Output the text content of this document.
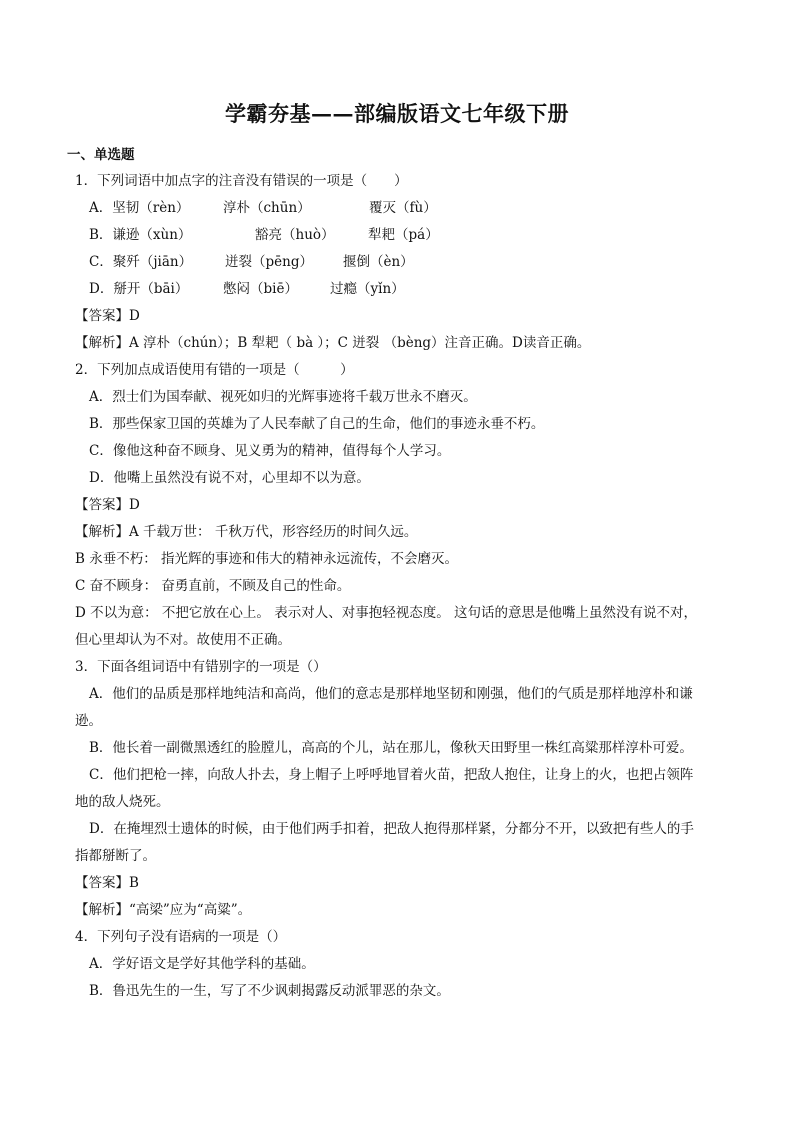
学霸夯基——部编版语文七年级下册
一、单选题
1．下列词语中加点字的注音没有错误的一项是（　　）
A．坚韧（rèn） 淳朴（chūn）	覆灭（fù）
B．谦逊（xùn）	豁亮（huò） 犁耙（pá）
C．聚歼（jiān） 迸裂（pēng） 揠倒（èn）
D．掰开（bāi）	憋闷（biē） 过瘾（yǐn）
【答案】D
【解析】A 淳朴（chún）；B 犁耙（ bà ）；C 迸裂 （bèng）注音正确。D读音正确。
2．下列加点成语使用有错的一项是（　　　）
A．烈士们为国奉献、视死如归的光辉事迹将千载万世永不磨灭。
B．那些保家卫国的英雄为了人民奉献了自己的生命，他们的事迹永垂不朽。
C．像他这种奋不顾身、见义勇为的精神，值得每个人学习。
D．他嘴上虽然没有说不对，心里却不以为意。
【答案】D
【解析】A 千载万世： 千秋万代，形容经历的时间久远。
B 永垂不朽： 指光辉的事迹和伟大的精神永远流传，不会磨灭。
C 奋不顾身： 奋勇直前，不顾及自己的性命。
D 不以为意： 不把它放在心上。 表示对人、对事抱轻视态度。 这句话的意思是他嘴上虽然没有说不对，
但心里却认为不对。故使用不正确。
3．下面各组词语中有错别字的一项是（）
A．他们的品质是那样地纯洁和高尚，他们的意志是那样地坚韧和刚强，他们的气质是那样地淳朴和谦
逊。
B．他长着一副微黑透红的脸膛儿，高高的个儿，站在那儿，像秋天田野里一株红高粱那样淳朴可爱。
C．他们把枪一摔，向敌人扑去，身上帽子上呼呼地冒着火苗，把敌人抱住，让身上的火，也把占领阵
地的敌人烧死。
D．在掩埋烈士遗体的时候，由于他们两手扣着，把敌人抱得那样紧，分都分不开，以致把有些人的手
指都掰断了。
【答案】B
【解析】“高梁”应为“高粱”。
4．下列句子没有语病的一项是（）
A．学好语文是学好其他学科的基础。
B．鲁迅先生的一生，写了不少讽刺揭露反动派罪恶的杂文。
